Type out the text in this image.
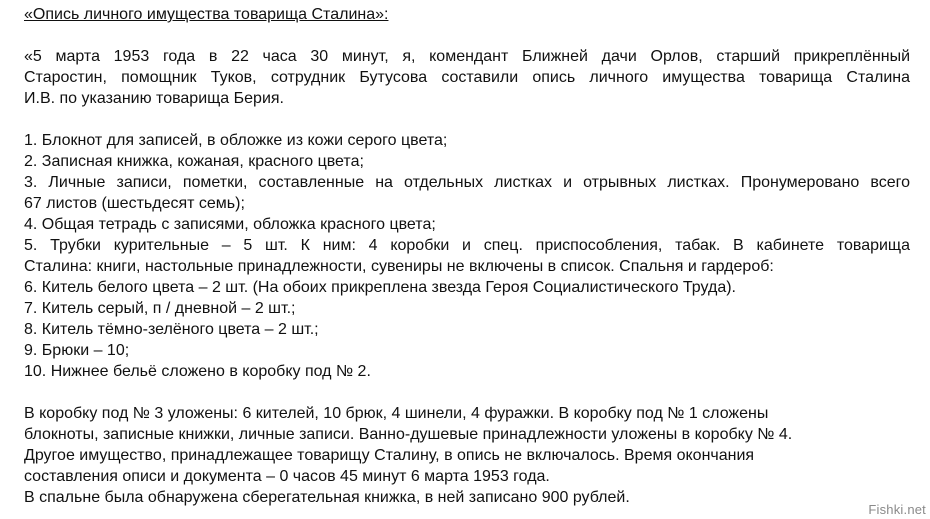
«Опись личного имущества товарища Сталина»:
«5 марта 1953 года в 22 часа 30 минут, я, комендант Ближней дачи Орлов, старший прикреплённый
Старостин, помощник Туков, сотрудник Бутусова составили опись личного имущества товарища Сталина
И.В. по указанию товарища Берия.
1. Блокнот для записей, в обложке из кожи серого цвета;
2. Записная книжка, кожаная, красного цвета;
3. Личные записи, пометки, составленные на отдельных листках и отрывных листках. Пронумеровано всего
67 листов (шестьдесят семь);
4. Общая тетрадь с записями, обложка красного цвета;
5. Трубки курительные – 5 шт. К ним: 4 коробки и спец. приспособления, табак. В кабинете товарища
Сталина: книги, настольные принадлежности, сувениры не включены в список. Спальня и гардероб:
6. Китель белого цвета – 2 шт. (На обоих прикреплена звезда Героя Социалистического Труда).
7. Китель серый, п / дневной – 2 шт.;
8. Китель тёмно-зелёного цвета – 2 шт.;
9. Брюки – 10;
10. Нижнее бельё сложено в коробку под № 2.
В коробку под № 3 уложены: 6 кителей, 10 брюк, 4 шинели, 4 фуражки. В коробку под № 1 сложены
блокноты, записные книжки, личные записи. Ванно-душевые принадлежности уложены в коробку № 4.
Другое имущество, принадлежащее товарищу Сталину, в опись не включалось. Время окончания
составления описи и документа – 0 часов 45 минут 6 марта 1953 года.
В спальне была обнаружена сберегательная книжка, в ней записано 900 рублей.
Fishki.net
